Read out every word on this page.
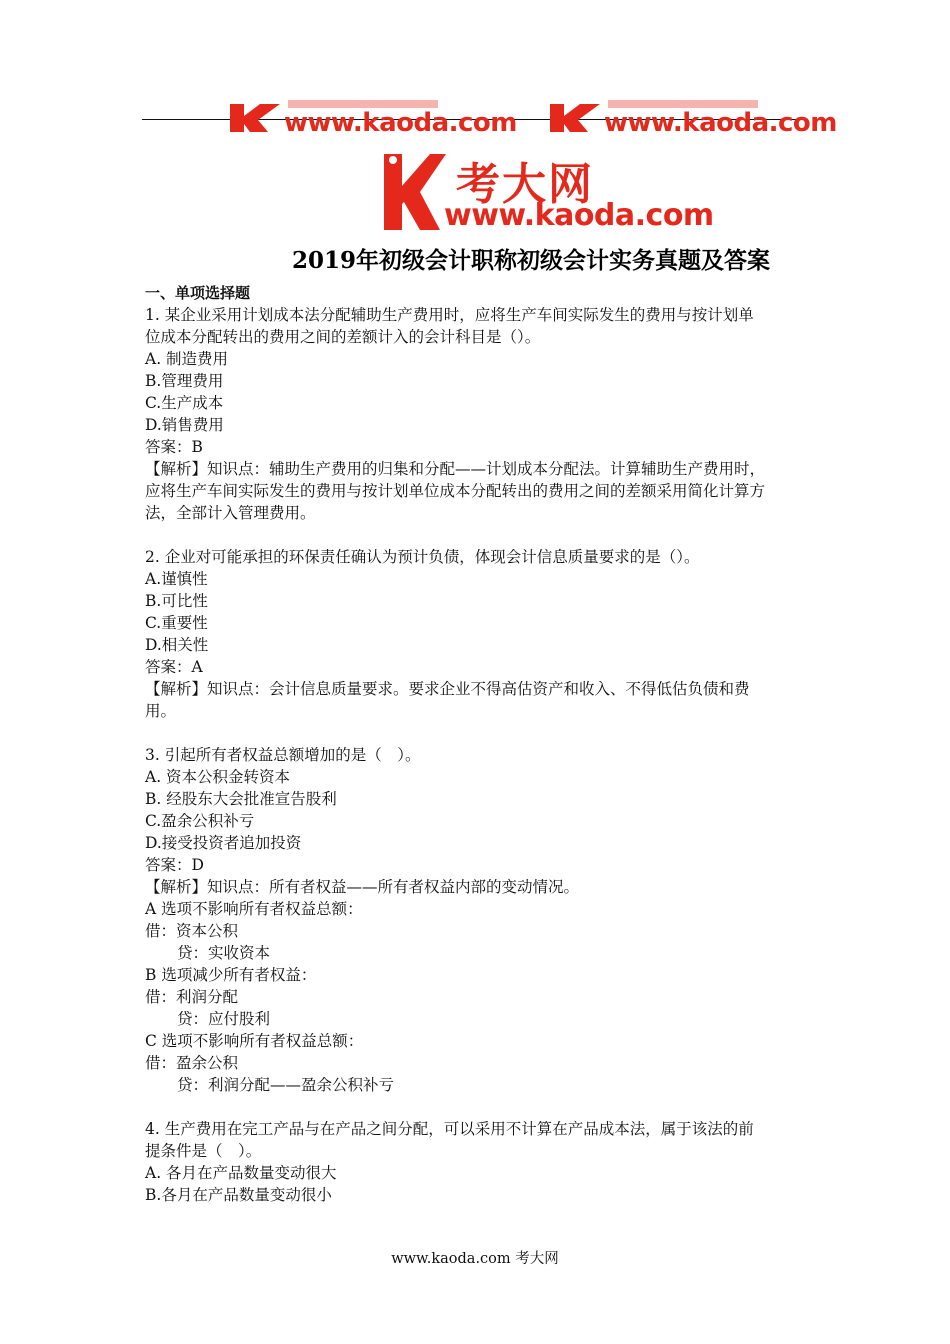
www.kaoda.com	www.kaoda.com
考大网
www.kaoda.com
2019年初级会计职称初级会计实务真题及答案

一、单项选择题

1. 某企业采用计划成本法分配辅助生产费用时，应将生产车间实际发生的费用与按计划单

位成本分配转出的费用之间的差额计入的会计科目是（）。

A. 制造费用

B.管理费用

C.生产成本

D.销售费用

答案：B

【解析】知识点：辅助生产费用的归集和分配——计划成本分配法。计算辅助生产费用时，

应将生产车间实际发生的费用与按计划单位成本分配转出的费用之间的差额采用简化计算方

法，全部计入管理费用。

2. 企业对可能承担的环保责任确认为预计负债，体现会计信息质量要求的是（）。

A.谨慎性

B.可比性

C.重要性

D.相关性

答案：A

【解析】知识点：会计信息质量要求。要求企业不得高估资产和收入、不得低估负债和费

用。

3. 引起所有者权益总额增加的是（　）。

A. 资本公积金转资本

B. 经股东大会批准宣告股利

C.盈余公积补亏

D.接受投资者追加投资

答案：D

【解析】知识点：所有者权益——所有者权益内部的变动情况。

A 选项不影响所有者权益总额：

借：资本公积

贷：实收资本

B 选项减少所有者权益：

借：利润分配

贷：应付股利

C 选项不影响所有者权益总额：

借：盈余公积

贷：利润分配——盈余公积补亏

4. 生产费用在完工产品与在产品之间分配，可以采用不计算在产品成本法，属于该法的前

提条件是（　）。

A. 各月在产品数量变动很大

B.各月在产品数量变动很小

www.kaoda.com 考大网
